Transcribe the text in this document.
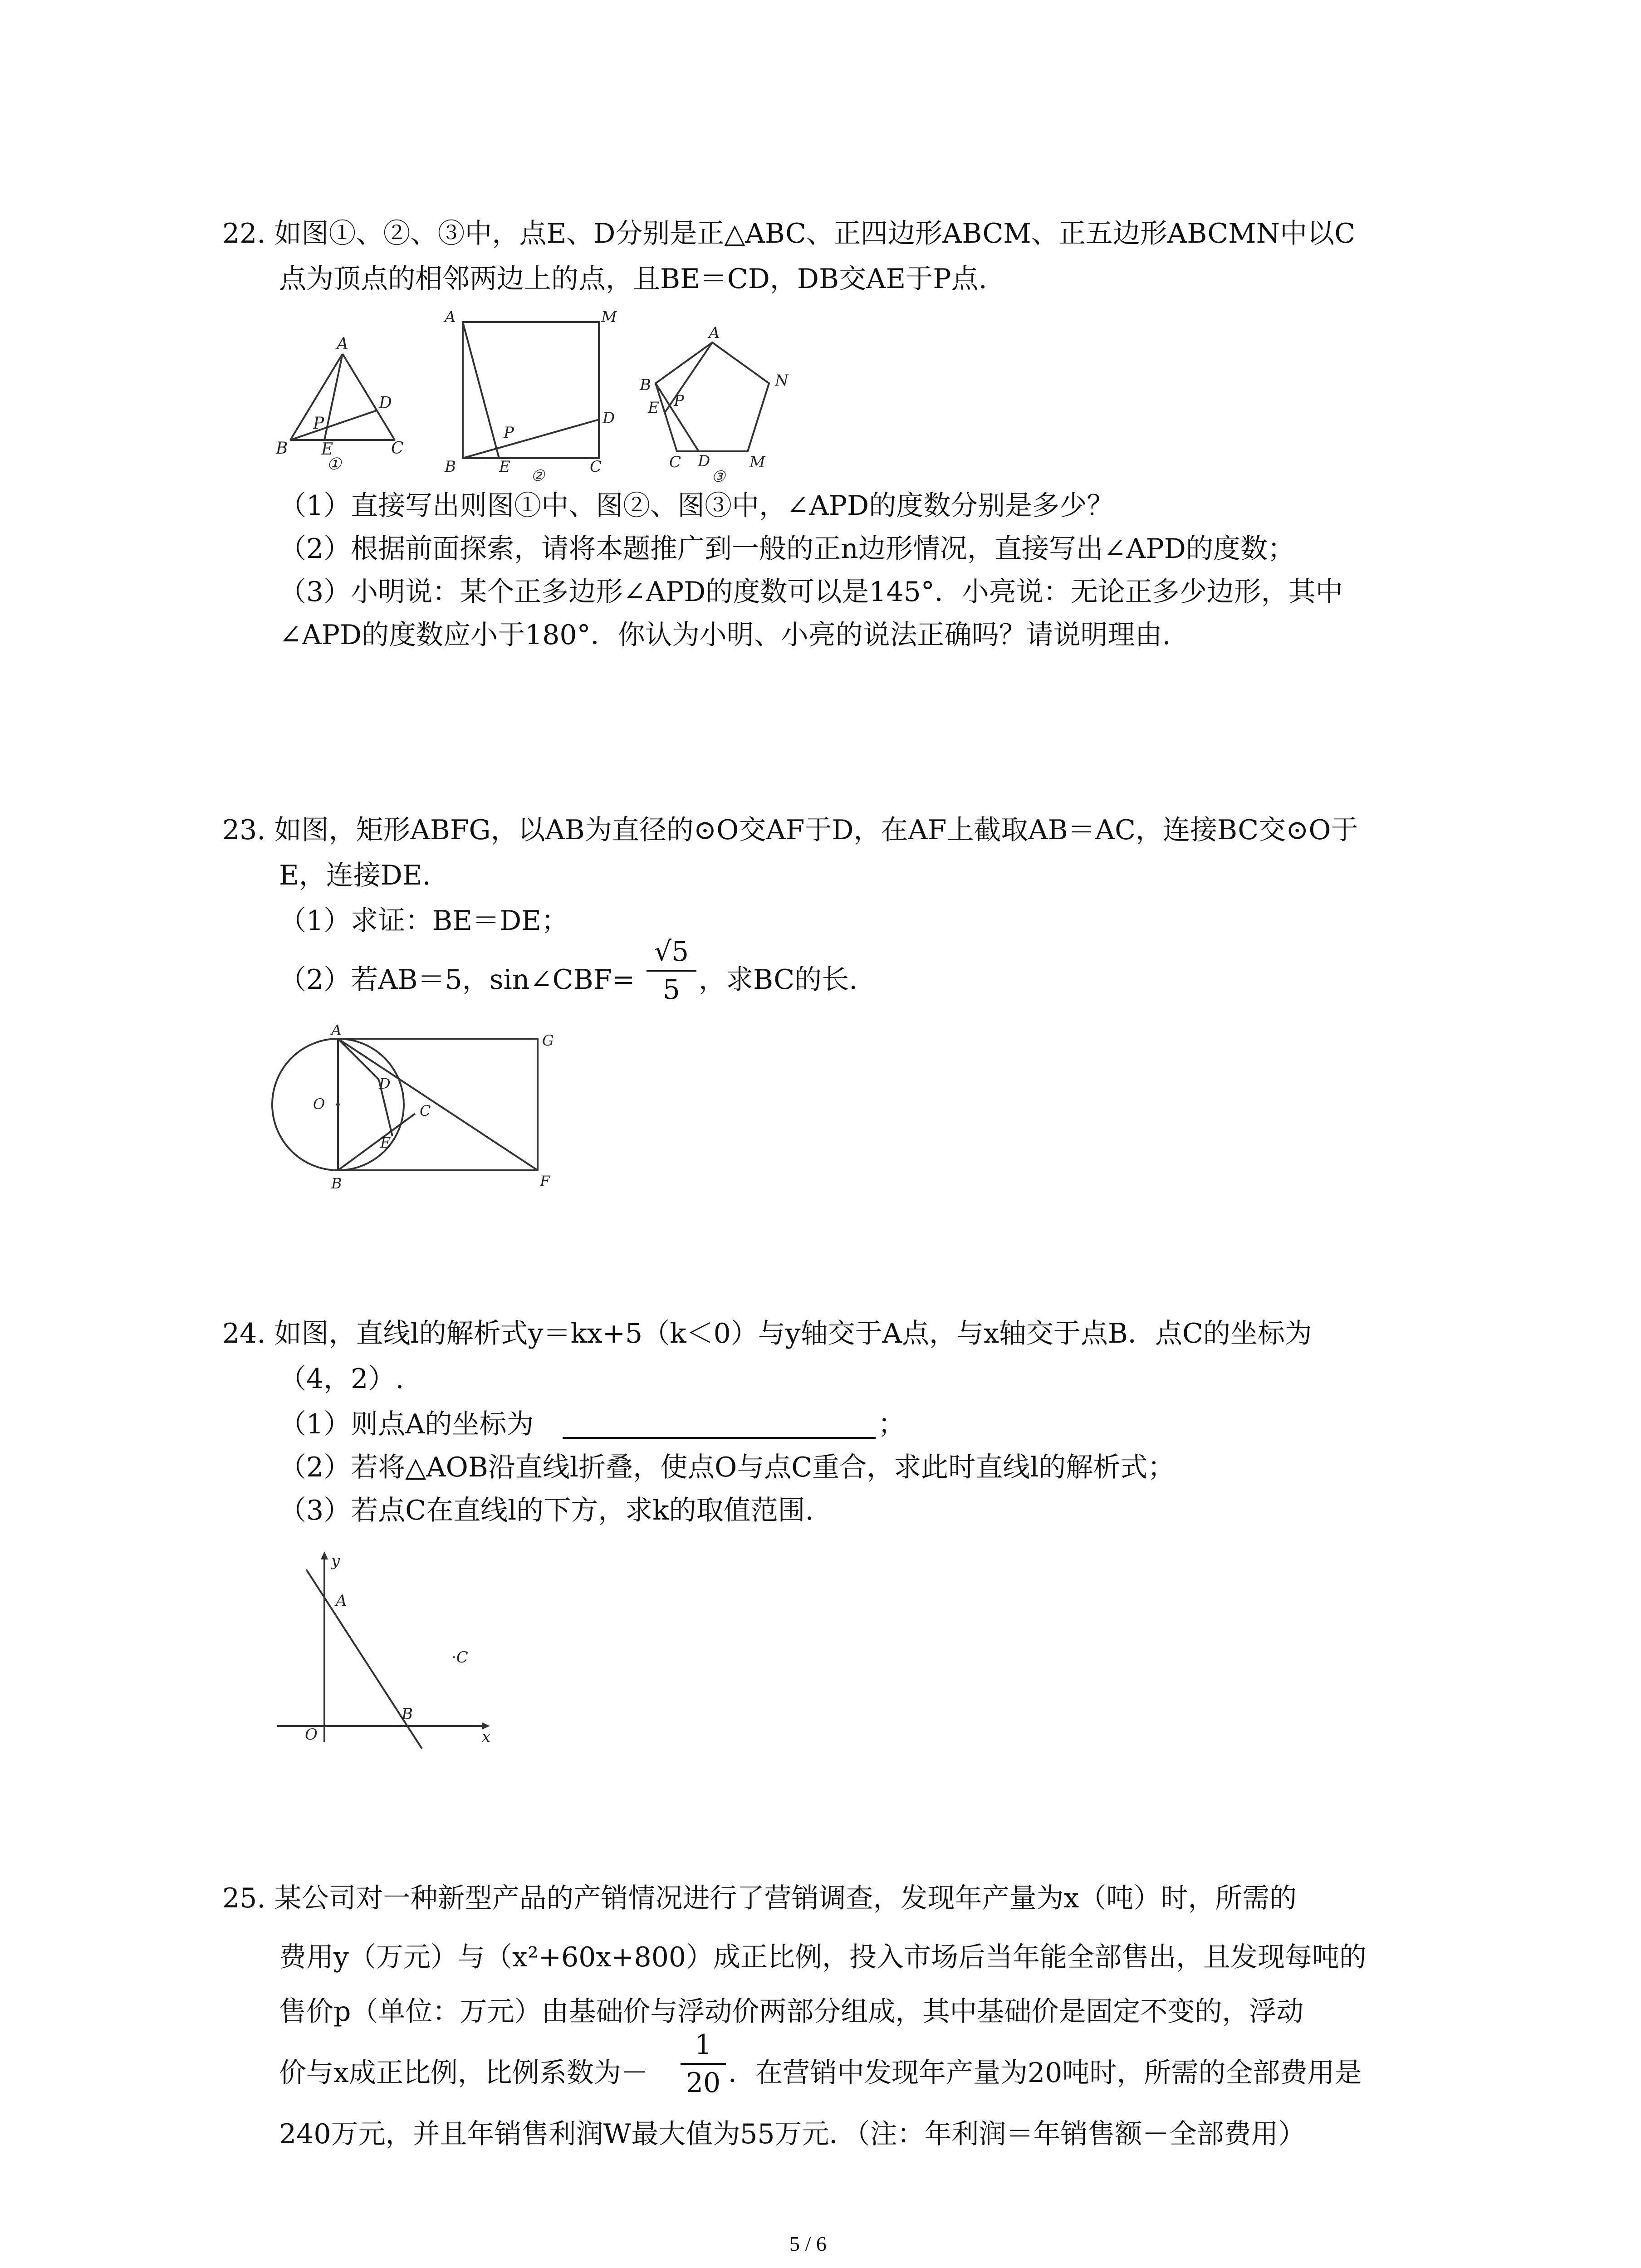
22. 如图①、②、③中，点E、D分别是正△ABC、正四边形ABCM、正五边形ABCMN中以C
点为顶点的相邻两边上的点，且BE＝CD，DB交AE于P点.
A
B	C
D
E
P
①
A	M
B	C
D
E
P
②
A
B	N
E P
C D	M
③
（1）直接写出则图①中、图②、图③中，∠APD的度数分别是多少？
（2）根据前面探索，请将本题推广到一般的正n边形情况，直接写出∠APD的度数；
（3）小明说：某个正多边形∠APD的度数可以是145°．小亮说：无论正多少边形，其中
∠APD的度数应小于180°．你认为小明、小亮的说法正确吗？请说明理由.
23. 如图，矩形ABFG，以AB为直径的⊙O交AF于D，在AF上截取AB＝AC，连接BC交⊙O于
E，连接DE.
（1）求证：BE＝DE；
（2）若AB＝5，sin∠CBF=
√5
5 ，求BC的长.
A
G
D
O	C
E
B	F
24. 如图，直线l的解析式y＝kx+5（k＜0）与y轴交于A点，与x轴交于点B．点C的坐标为
（4，2）.
（1）则点A的坐标为	；
（2）若将△AOB沿直线l折叠，使点O与点C重合，求此时直线l的解析式；
（3）若点C在直线l的下方，求k的取值范围.
y
A
·C
B
O	x
25. 某公司对一种新型产品的产销情况进行了营销调查，发现年产量为x（吨）时，所需的
费用y（万元）与（x²+60x+800）成正比例，投入市场后当年能全部售出，且发现每吨的
售价p（单位：万元）由基础价与浮动价两部分组成，其中基础价是固定不变的，浮动
价与x成正比例，比例系数为－
1
20 ．在营销中发现年产量为20吨时，所需的全部费用是
240万元，并且年销售利润W最大值为55万元．（注：年利润＝年销售额－全部费用）
5 / 6
